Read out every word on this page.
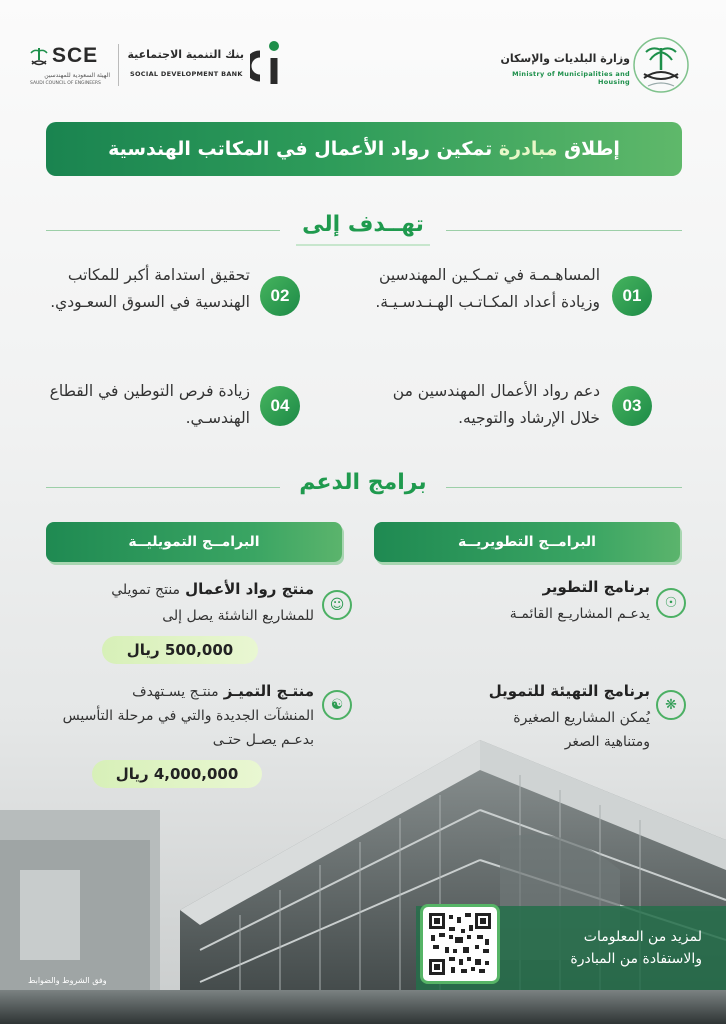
وزارة البلديات والإسكان
Ministry of Municipalities and Housing
بنك التنمية الاجتماعية
SOCIAL DEVELOPMENT BANK
SCE
الهيئة السعودية للمهندسين
SAUDI COUNCIL OF ENGINEERS
إطلاق مبادرة تمكين رواد الأعمال في المكاتب الهندسية
تهــدف إلى
01
المساهـمـة في تمـكـين المهندسين وزيادة أعداد المكـاتـب الهـنـدسـيـة.
02
تحقيق استدامة أكبر للمكاتب الهندسية في السوق السعـودي.
03
دعم رواد الأعمال المهندسين من خلال الإرشاد والتوجيه.
04
زيادة فرص التوطين في القطاع الهندسـي.
برامج الدعم
البرامــج التطويريــة
البرامــج التمويليــة
☉
برنامج التطوير
يدعـم المشاريـع القائمـة
❋
برنامج التهيئة للتمويل
يُمكن المشاريع الصغيرة ومتناهية الصغر
☺
منتج رواد الأعمال منتج تمويلي
للمشاريع الناشئة يصل إلى
500,000 ريال
☯
منتـج التميـز منتـج يسـتهدف
المنشآت الجديدة والتي في مرحلة التأسيس بدعـم يصـل حتـى
4,000,000 ريال
لمزيد من المعلومات والاستفادة من المبادرة
وفق الشروط والضوابط
